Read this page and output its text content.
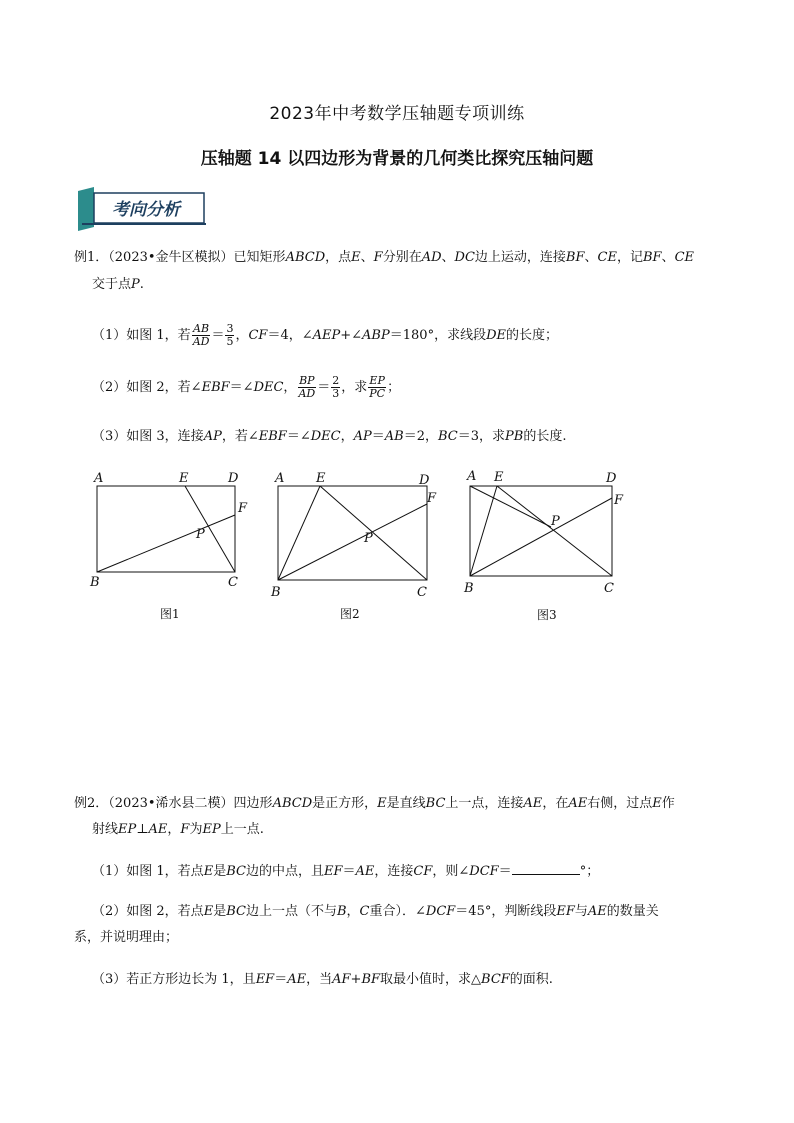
2023年中考数学压轴题专项训练
压轴题 14 以四边形为背景的几何类比探究压轴问题
考向分析
例1．（2023•金牛区模拟）已知矩形ABCD，点E、F分别在AD、DC边上运动，连接BF、CE，记BF、CE
交于点P.
（1）如图 1，若 $\frac{AB}{AD} = \frac{3}{5}$ ，CF＝4，∠AEP+∠ABP＝180°，求线段DE的长度；
（2）如图 2，若∠EBF＝∠DEC， $\frac{BP}{AD} = \frac{2}{3}$ ，求 $\frac{EP}{PC}$ ；
（3）如图 3，连接AP，若∠EBF＝∠DEC，AP＝AB＝2，BC＝3，求PB的长度.
A
B	C
D
E
F
P
图1
A
B	C
D
E
F
P
图2
A
B	C
D
E
F
P
图3
例2．（2023•浠水县二模）四边形ABCD是正方形，E是直线BC上一点，连接AE，在AE右侧，过点E作
射线EP⊥AE，F为EP上一点.
（1）如图 1，若点E是BC边的中点，且EF＝AE，连接CF，则∠DCF＝	°；
（2）如图 2，若点E是BC边上一点（不与B，C重合）．∠DCF＝45°，判断线段EF与AE的数量关
系，并说明理由；
（3）若正方形边长为 1，且EF＝AE，当AF+BF取最小值时，求△BCF的面积.
